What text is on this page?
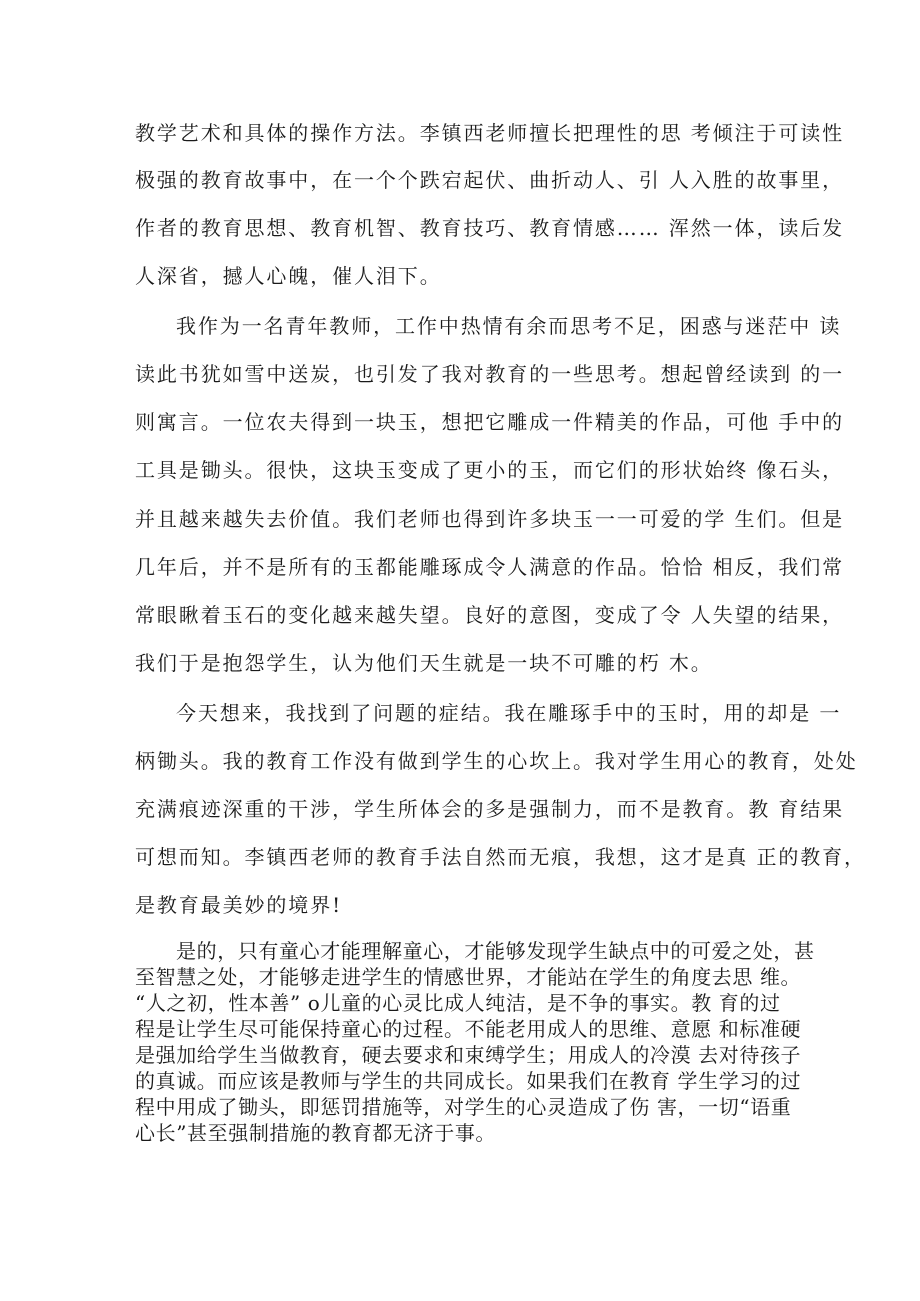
教学艺术和具体的操作方法。李镇西老师擅长把理性的思 考倾注于可读性
极强的教育故事中，在一个个跌宕起伏、曲折动人、引 人入胜的故事里，
作者的教育思想、教育机智、教育技巧、教育情感…… 浑然一体，读后发
人深省，撼人心魄，催人泪下。
我作为一名青年教师，工作中热情有余而思考不足，困惑与迷茫中 读
读此书犹如雪中送炭，也引发了我对教育的一些思考。想起曾经读到 的一
则寓言。一位农夫得到一块玉，想把它雕成一件精美的作品，可他 手中的
工具是锄头。很快，这块玉变成了更小的玉，而它们的形状始终 像石头，
并且越来越失去价值。我们老师也得到许多块玉一一可爱的学 生们。但是
几年后，并不是所有的玉都能雕琢成令人满意的作品。恰恰 相反，我们常
常眼瞅着玉石的变化越来越失望。良好的意图，变成了令 人失望的结果，
我们于是抱怨学生，认为他们天生就是一块不可雕的朽 木。
今天想来，我找到了问题的症结。我在雕琢手中的玉时，用的却是 一
柄锄头。我的教育工作没有做到学生的心坎上。我对学生用心的教育，处处
充满痕迹深重的干涉，学生所体会的多是强制力，而不是教育。教 育结果
可想而知。李镇西老师的教育手法自然而无痕，我想，这才是真 正的教育，
是教育最美妙的境界!
是的，只有童心才能理解童心，才能够发现学生缺点中的可爱之处，甚
至智慧之处，才能够走进学生的情感世界，才能站在学生的角度去思 维。
“人之初，性本善” o儿童的心灵比成人纯洁，是不争的事实。教 育的过
程是让学生尽可能保持童心的过程。不能老用成人的思维、意愿 和标准硬
是强加给学生当做教育，硬去要求和束缚学生；用成人的冷漠 去对待孩子
的真诚。而应该是教师与学生的共同成长。如果我们在教育 学生学习的过
程中用成了锄头，即惩罚措施等，对学生的心灵造成了伤 害，一切“语重
心长”甚至强制措施的教育都无济于事。
